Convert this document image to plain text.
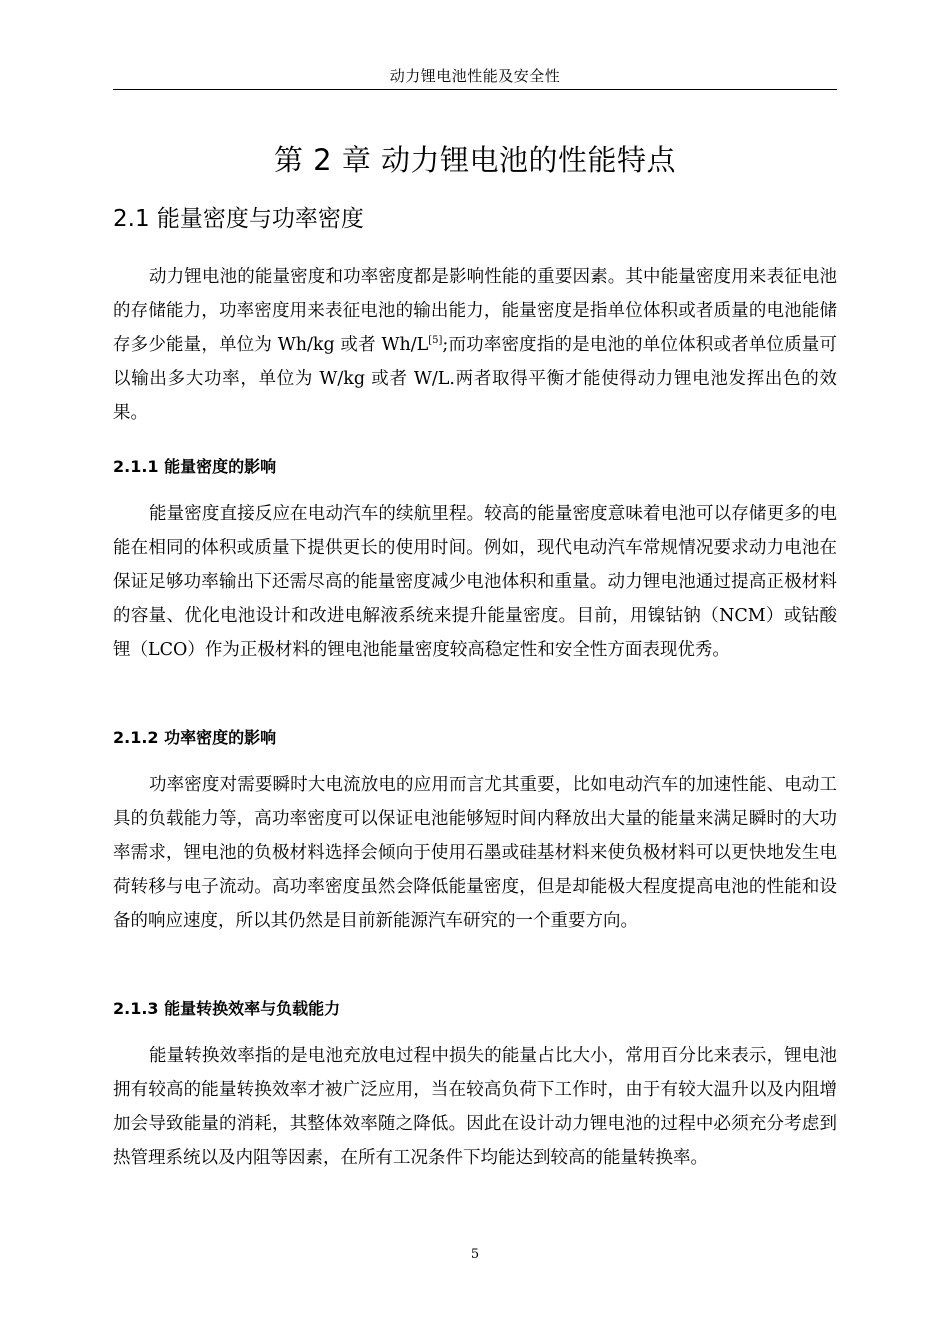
动力锂电池性能及安全性
第 2 章 动力锂电池的性能特点
2.1 能量密度与功率密度

动力锂电池的能量密度和功率密度都是影响性能的重要因素。其中能量密度用来表征电池的存储能力，功率密度用来表征电池的输出能力，能量密度是指单位体积或者质量的电池能储存多少能量，单位为 Wh/kg 或者 Wh/L[5];而功率密度指的是电池的单位体积或者单位质量可以输出多大功率，单位为 W/kg 或者 W/L.两者取得平衡才能使得动力锂电池发挥出色的效果。

2.1.1 能量密度的影响

能量密度直接反应在电动汽车的续航里程。较高的能量密度意味着电池可以存储更多的电能在相同的体积或质量下提供更长的使用时间。例如，现代电动汽车常规情况要求动力电池在保证足够功率输出下还需尽高的能量密度减少电池体积和重量。动力锂电池通过提高正极材料的容量、优化电池设计和改进电解液系统来提升能量密度。目前，用镍钴钠（NCM）或钴酸锂（LCO）作为正极材料的锂电池能量密度较高稳定性和安全性方面表现优秀。

2.1.2 功率密度的影响

功率密度对需要瞬时大电流放电的应用而言尤其重要，比如电动汽车的加速性能、电动工具的负载能力等，高功率密度可以保证电池能够短时间内释放出大量的能量来满足瞬时的大功率需求，锂电池的负极材料选择会倾向于使用石墨或硅基材料来使负极材料可以更快地发生电荷转移与电子流动。高功率密度虽然会降低能量密度，但是却能极大程度提高电池的性能和设备的响应速度，所以其仍然是目前新能源汽车研究的一个重要方向。

2.1.3 能量转换效率与负载能力

能量转换效率指的是电池充放电过程中损失的能量占比大小，常用百分比来表示，锂电池拥有较高的能量转换效率才被广泛应用，当在较高负荷下工作时，由于有较大温升以及内阻增加会导致能量的消耗，其整体效率随之降低。因此在设计动力锂电池的过程中必须充分考虑到热管理系统以及内阻等因素，在所有工况条件下均能达到较高的能量转换率。

5
